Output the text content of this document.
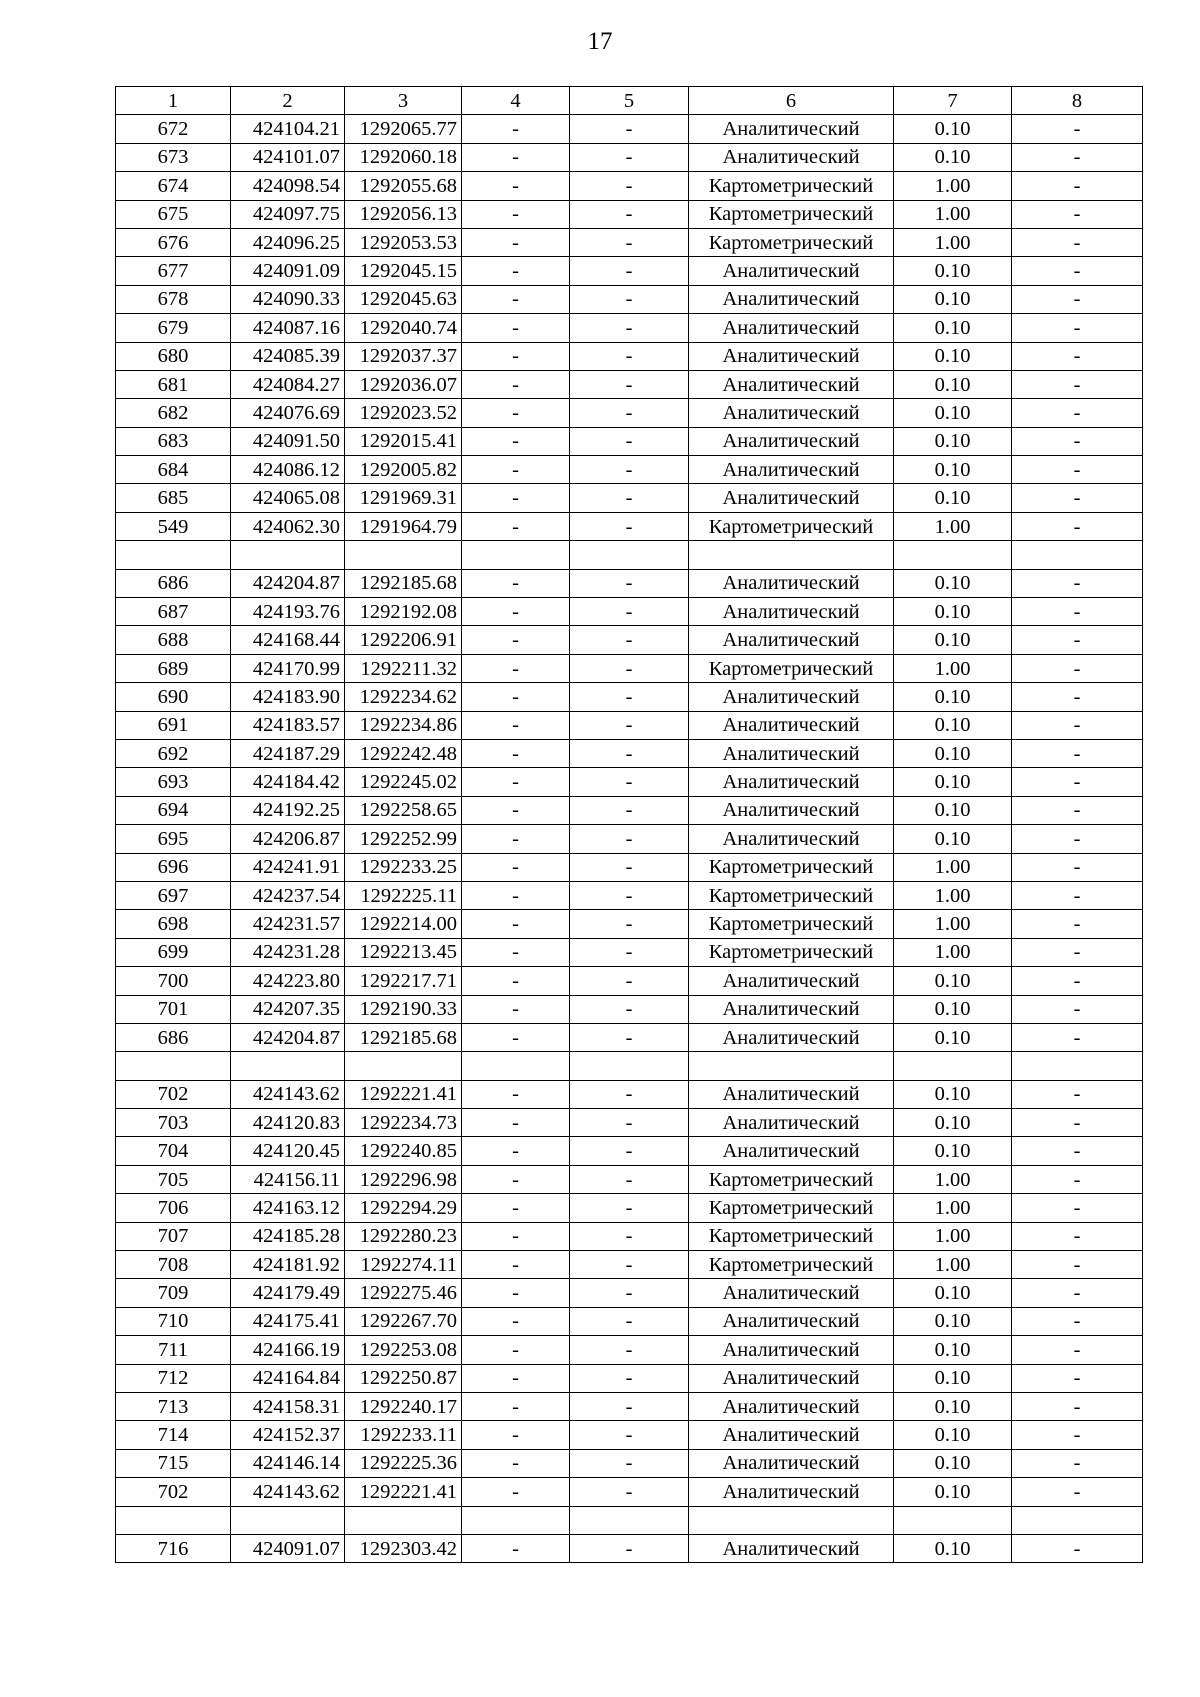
17
1	2	3	4	5	6	7	8
672	424104.21	1292065.77	-	-	Аналитический	0.10	-
673	424101.07	1292060.18	-	-	Аналитический	0.10	-
674	424098.54	1292055.68	-	-	Картометрический	1.00	-
675	424097.75	1292056.13	-	-	Картометрический	1.00	-
676	424096.25	1292053.53	-	-	Картометрический	1.00	-
677	424091.09	1292045.15	-	-	Аналитический	0.10	-
678	424090.33	1292045.63	-	-	Аналитический	0.10	-
679	424087.16	1292040.74	-	-	Аналитический	0.10	-
680	424085.39	1292037.37	-	-	Аналитический	0.10	-
681	424084.27	1292036.07	-	-	Аналитический	0.10	-
682	424076.69	1292023.52	-	-	Аналитический	0.10	-
683	424091.50	1292015.41	-	-	Аналитический	0.10	-
684	424086.12	1292005.82	-	-	Аналитический	0.10	-
685	424065.08	1291969.31	-	-	Аналитический	0.10	-
549	424062.30	1291964.79	-	-	Картометрический	1.00	-

686	424204.87	1292185.68	-	-	Аналитический	0.10	-
687	424193.76	1292192.08	-	-	Аналитический	0.10	-
688	424168.44	1292206.91	-	-	Аналитический	0.10	-
689	424170.99	1292211.32	-	-	Картометрический	1.00	-
690	424183.90	1292234.62	-	-	Аналитический	0.10	-
691	424183.57	1292234.86	-	-	Аналитический	0.10	-
692	424187.29	1292242.48	-	-	Аналитический	0.10	-
693	424184.42	1292245.02	-	-	Аналитический	0.10	-
694	424192.25	1292258.65	-	-	Аналитический	0.10	-
695	424206.87	1292252.99	-	-	Аналитический	0.10	-
696	424241.91	1292233.25	-	-	Картометрический	1.00	-
697	424237.54	1292225.11	-	-	Картометрический	1.00	-
698	424231.57	1292214.00	-	-	Картометрический	1.00	-
699	424231.28	1292213.45	-	-	Картометрический	1.00	-
700	424223.80	1292217.71	-	-	Аналитический	0.10	-
701	424207.35	1292190.33	-	-	Аналитический	0.10	-
686	424204.87	1292185.68	-	-	Аналитический	0.10	-

702	424143.62	1292221.41	-	-	Аналитический	0.10	-
703	424120.83	1292234.73	-	-	Аналитический	0.10	-
704	424120.45	1292240.85	-	-	Аналитический	0.10	-
705	424156.11	1292296.98	-	-	Картометрический	1.00	-
706	424163.12	1292294.29	-	-	Картометрический	1.00	-
707	424185.28	1292280.23	-	-	Картометрический	1.00	-
708	424181.92	1292274.11	-	-	Картометрический	1.00	-
709	424179.49	1292275.46	-	-	Аналитический	0.10	-
710	424175.41	1292267.70	-	-	Аналитический	0.10	-
711	424166.19	1292253.08	-	-	Аналитический	0.10	-
712	424164.84	1292250.87	-	-	Аналитический	0.10	-
713	424158.31	1292240.17	-	-	Аналитический	0.10	-
714	424152.37	1292233.11	-	-	Аналитический	0.10	-
715	424146.14	1292225.36	-	-	Аналитический	0.10	-
702	424143.62	1292221.41	-	-	Аналитический	0.10	-

716	424091.07	1292303.42	-	-	Аналитический	0.10	-
